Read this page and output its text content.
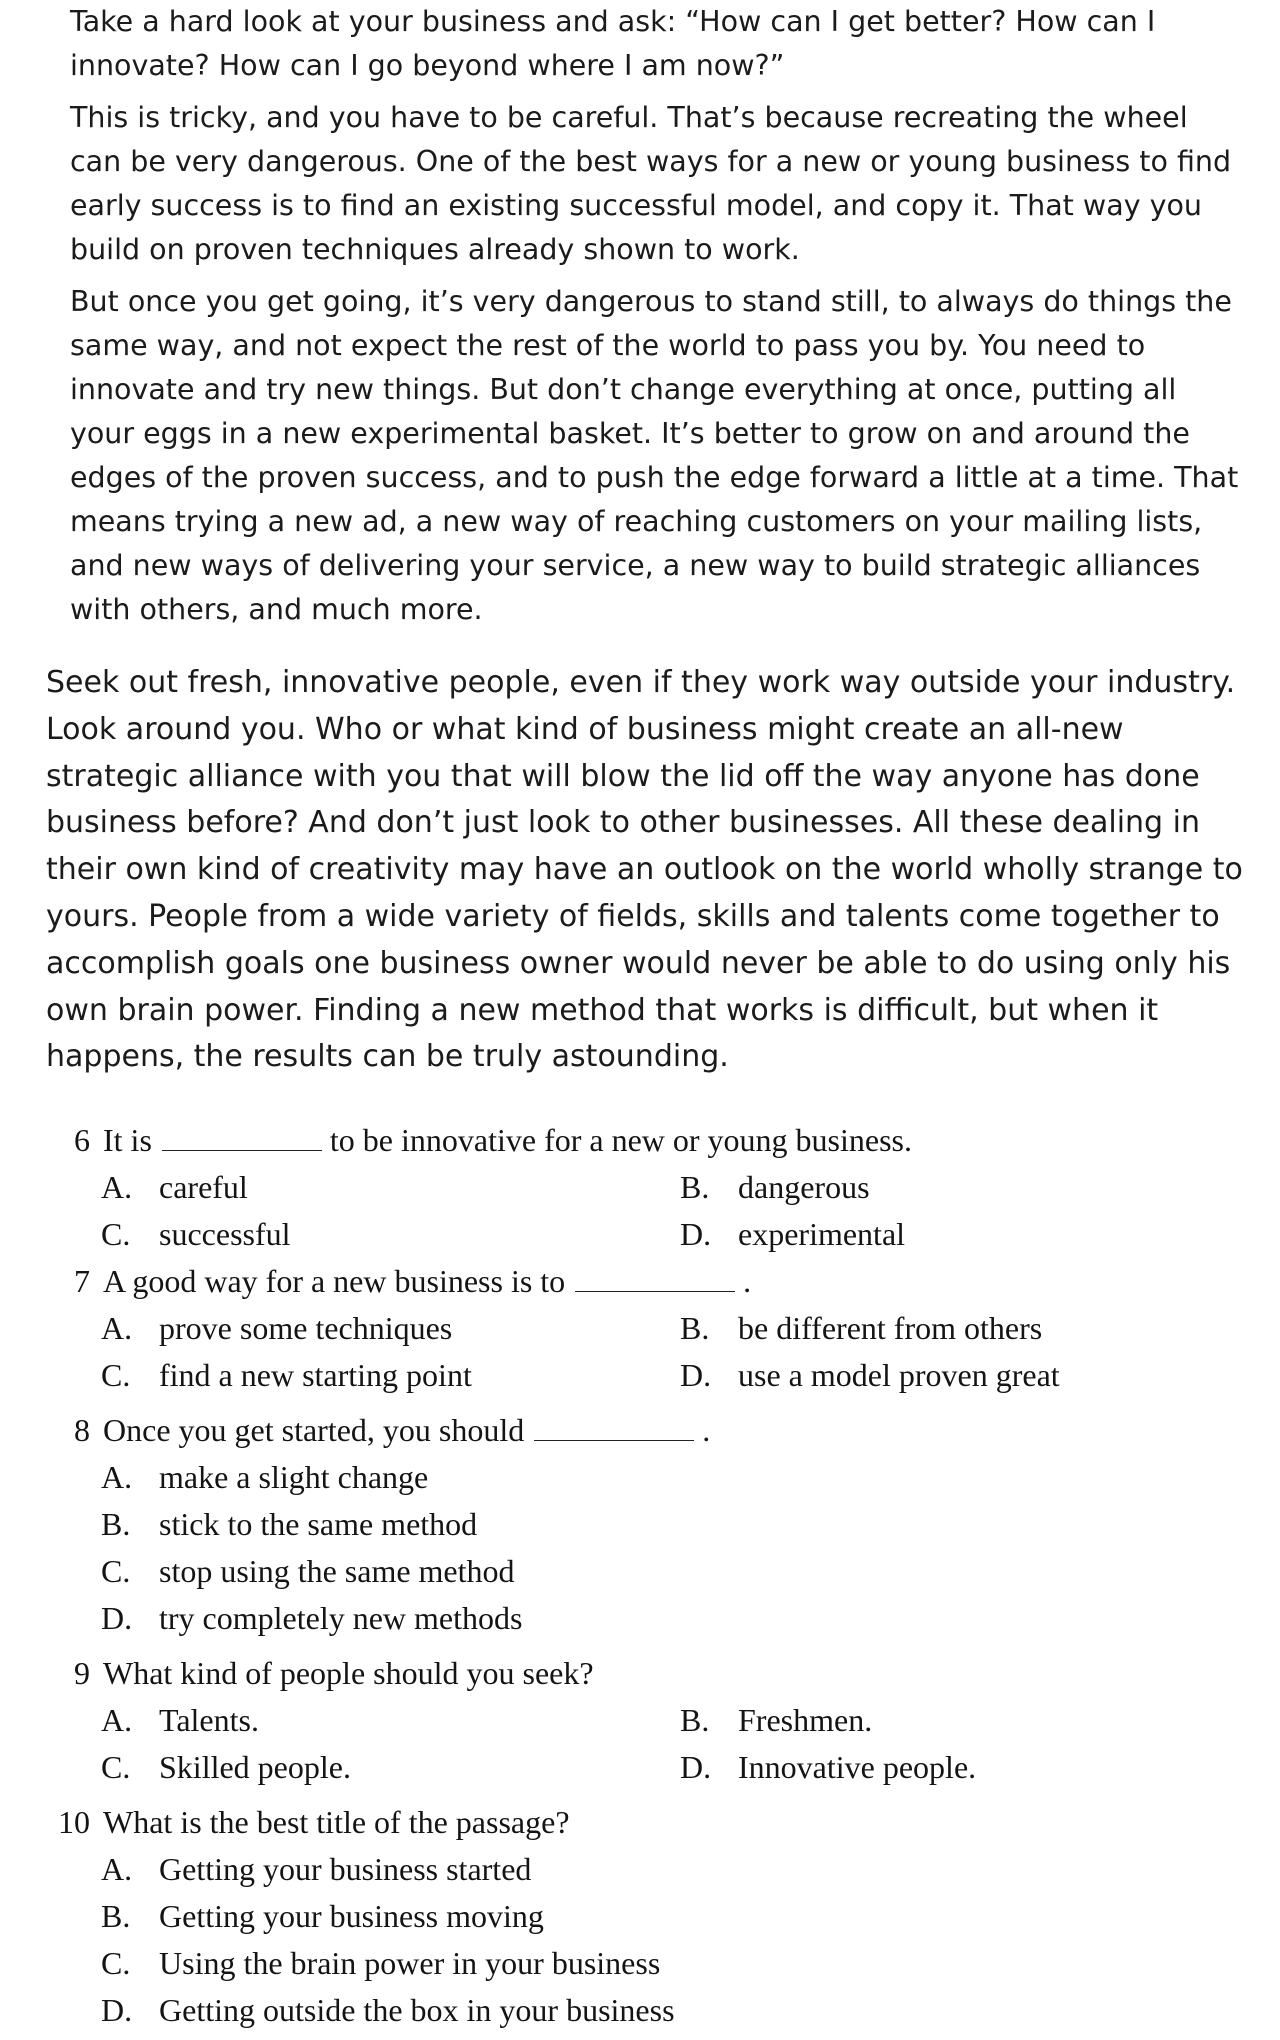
Take a hard look at your business and ask: “How can I get better? How can I innovate? How can I go beyond where I am now?”

This is tricky, and you have to be careful. That’s because recreating the wheel can be very dangerous. One of the best ways for a new or young business to find early success is to find an existing successful model, and copy it. That way you build on proven techniques already shown to work.

But once you get going, it’s very dangerous to stand still, to always do things the same way, and not expect the rest of the world to pass you by. You need to innovate and try new things. But don’t change everything at once, putting all your eggs in a new experimental basket. It’s better to grow on and around the edges of the proven success, and to push the edge forward a little at a time. That means trying a new ad, a new way of reaching customers on your mailing lists, and new ways of delivering your service, a new way to build strategic alliances with others, and much more.

Seek out fresh, innovative people, even if they work way outside your industry. Look around you. Who or what kind of business might create an all-new strategic alliance with you that will blow the lid off the way anyone has done business before? And don’t just look to other businesses. All these dealing in their own kind of creativity may have an outlook on the world wholly strange to yours. People from a wide variety of fields, skills and talents come together to accomplish goals one business owner would never be able to do using only his own brain power. Finding a new method that works is difficult, but when it happens, the results can be truly astounding.

6 It is	to be innovative for a new or young business.
A. careful	B. dangerous
C. successful	D. experimental
7 A good way for a new business is to	.
A. prove some techniques	B. be different from others
C. find a new starting point	D. use a model proven great
8 Once you get started, you should	.
A. make a slight change
B. stick to the same method
C. stop using the same method
D. try completely new methods
9 What kind of people should you seek?
A. Talents.	B. Freshmen.
C. Skilled people.	D. Innovative people.
10 What is the best title of the passage?
A. Getting your business started
B. Getting your business moving
C. Using the brain power in your business
D. Getting outside the box in your business
